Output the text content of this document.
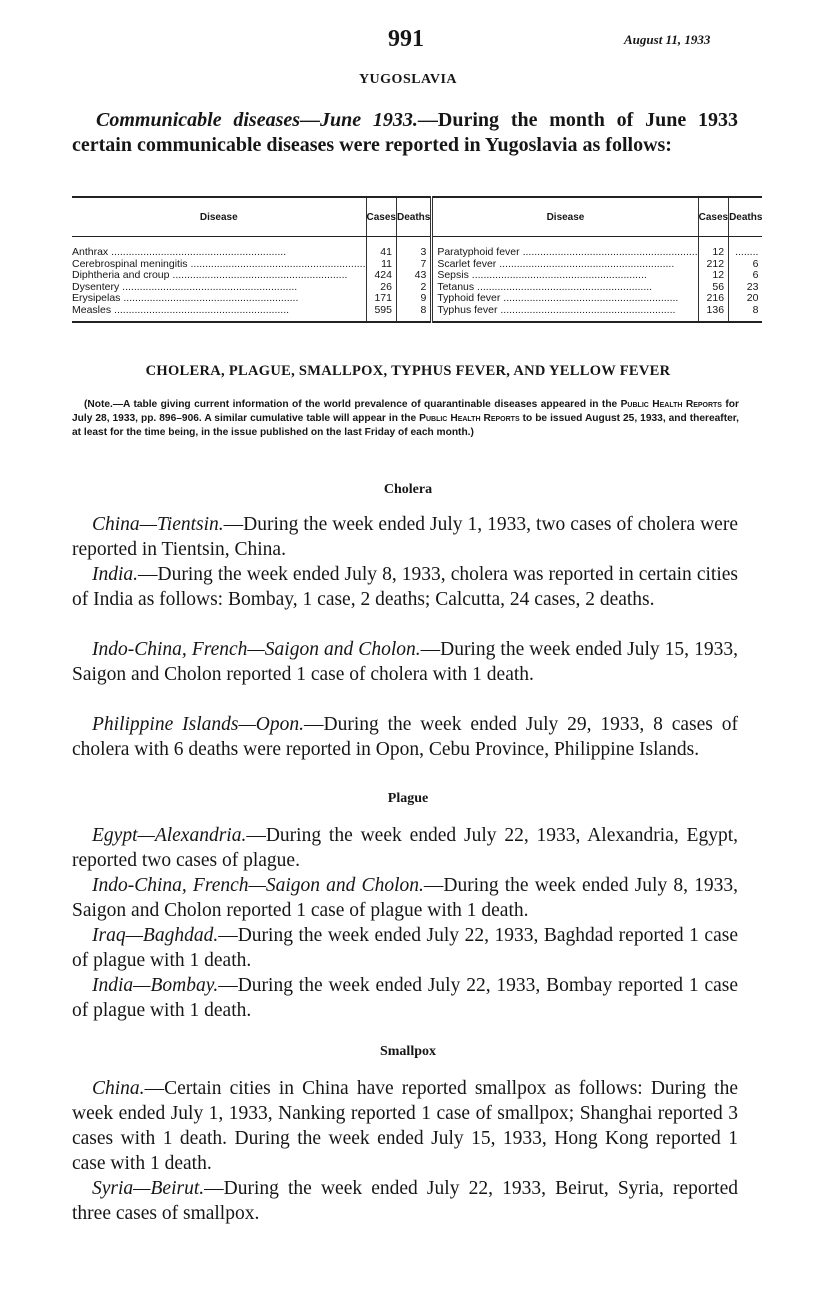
991	August 11, 1933
YUGOSLAVIA
Communicable diseases—June 1933.—During the month of June 1933 certain communicable diseases were reported in Yugoslavia as follows:
Disease	Cases	Deaths	Disease	Cases	Deaths

Anthrax .....	41	3	Paratyphoid fever .....	12	........

Cerebrospinal meningitis .....	11	7	Scarlet fever .....	212	6

Diphtheria and croup .....	424	43	Sepsis .....	12	6

Dysentery .....	26	2	Tetanus .....	56	23

Erysipelas .....	171	9	Typhoid fever .....	216	20

Measles .....	595	8	Typhus fever .....	136	8
CHOLERA, PLAGUE, SMALLPOX, TYPHUS FEVER, AND YELLOW FEVER
(Note.—A table giving current information of the world prevalence of quarantinable diseases appeared in the Public Health Reports for July 28, 1933, pp. 896–906. A similar cumulative table will appear in the Public Health Reports to be issued August 25, 1933, and thereafter, at least for the time being, in the issue published on the last Friday of each month.)
Cholera
China—Tientsin.—During the week ended July 1, 1933, two cases of cholera were reported in Tientsin, China.
India.—During the week ended July 8, 1933, cholera was reported in certain cities of India as follows: Bombay, 1 case, 2 deaths; Calcutta, 24 cases, 2 deaths.
Indo-China, French—Saigon and Cholon.—During the week ended July 15, 1933, Saigon and Cholon reported 1 case of cholera with 1 death.
Philippine Islands—Opon.—During the week ended July 29, 1933, 8 cases of cholera with 6 deaths were reported in Opon, Cebu Province, Philippine Islands.
Plague
Egypt—Alexandria.—During the week ended July 22, 1933, Alexandria, Egypt, reported two cases of plague.
Indo-China, French—Saigon and Cholon.—During the week ended July 8, 1933, Saigon and Cholon reported 1 case of plague with 1 death.
Iraq—Baghdad.—During the week ended July 22, 1933, Baghdad reported 1 case of plague with 1 death.
India—Bombay.—During the week ended July 22, 1933, Bombay reported 1 case of plague with 1 death.
Smallpox
China.—Certain cities in China have reported smallpox as follows: During the week ended July 1, 1933, Nanking reported 1 case of smallpox; Shanghai reported 3 cases with 1 death. During the week ended July 15, 1933, Hong Kong reported 1 case with 1 death.
Syria—Beirut.—During the week ended July 22, 1933, Beirut, Syria, reported three cases of smallpox.
